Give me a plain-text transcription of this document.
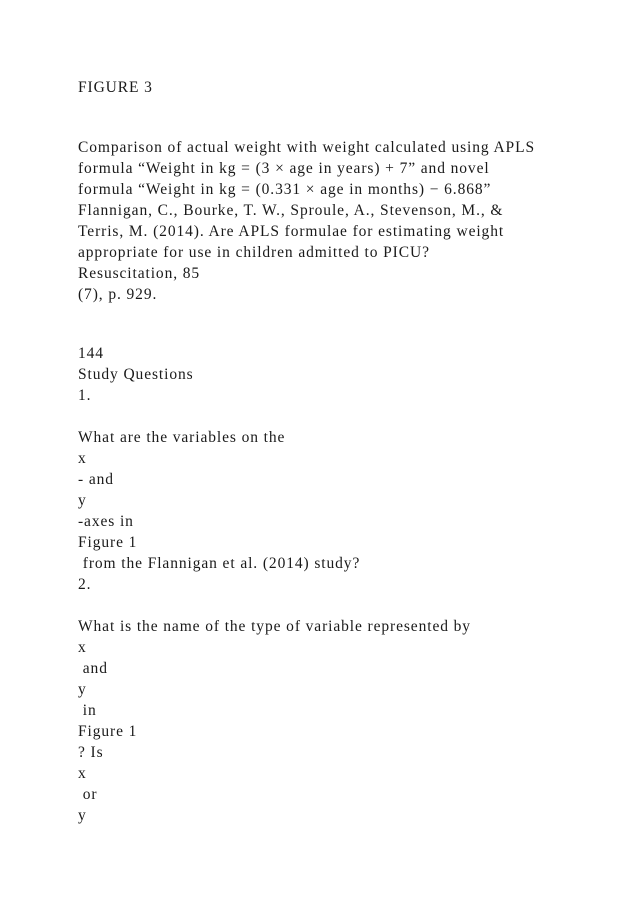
FIGURE 3

Comparison of actual weight with weight calculated using APLS

formula “Weight in kg = (3 × age in years) + 7” and novel

formula “Weight in kg = (0.331 × age in months) − 6.868”

Flannigan, C., Bourke, T. W., Sproule, A., Stevenson, M., &

Terris, M. (2014). Are APLS formulae for estimating weight

appropriate for use in children admitted to PICU?

Resuscitation, 85

(7), p. 929.

144

Study Questions

1.

What are the variables on the

x

- and

y

-axes in

Figure 1

from the Flannigan et al. (2014) study?

2.

What is the name of the type of variable represented by

x

and

y

in

Figure 1

? Is

x

or

y
